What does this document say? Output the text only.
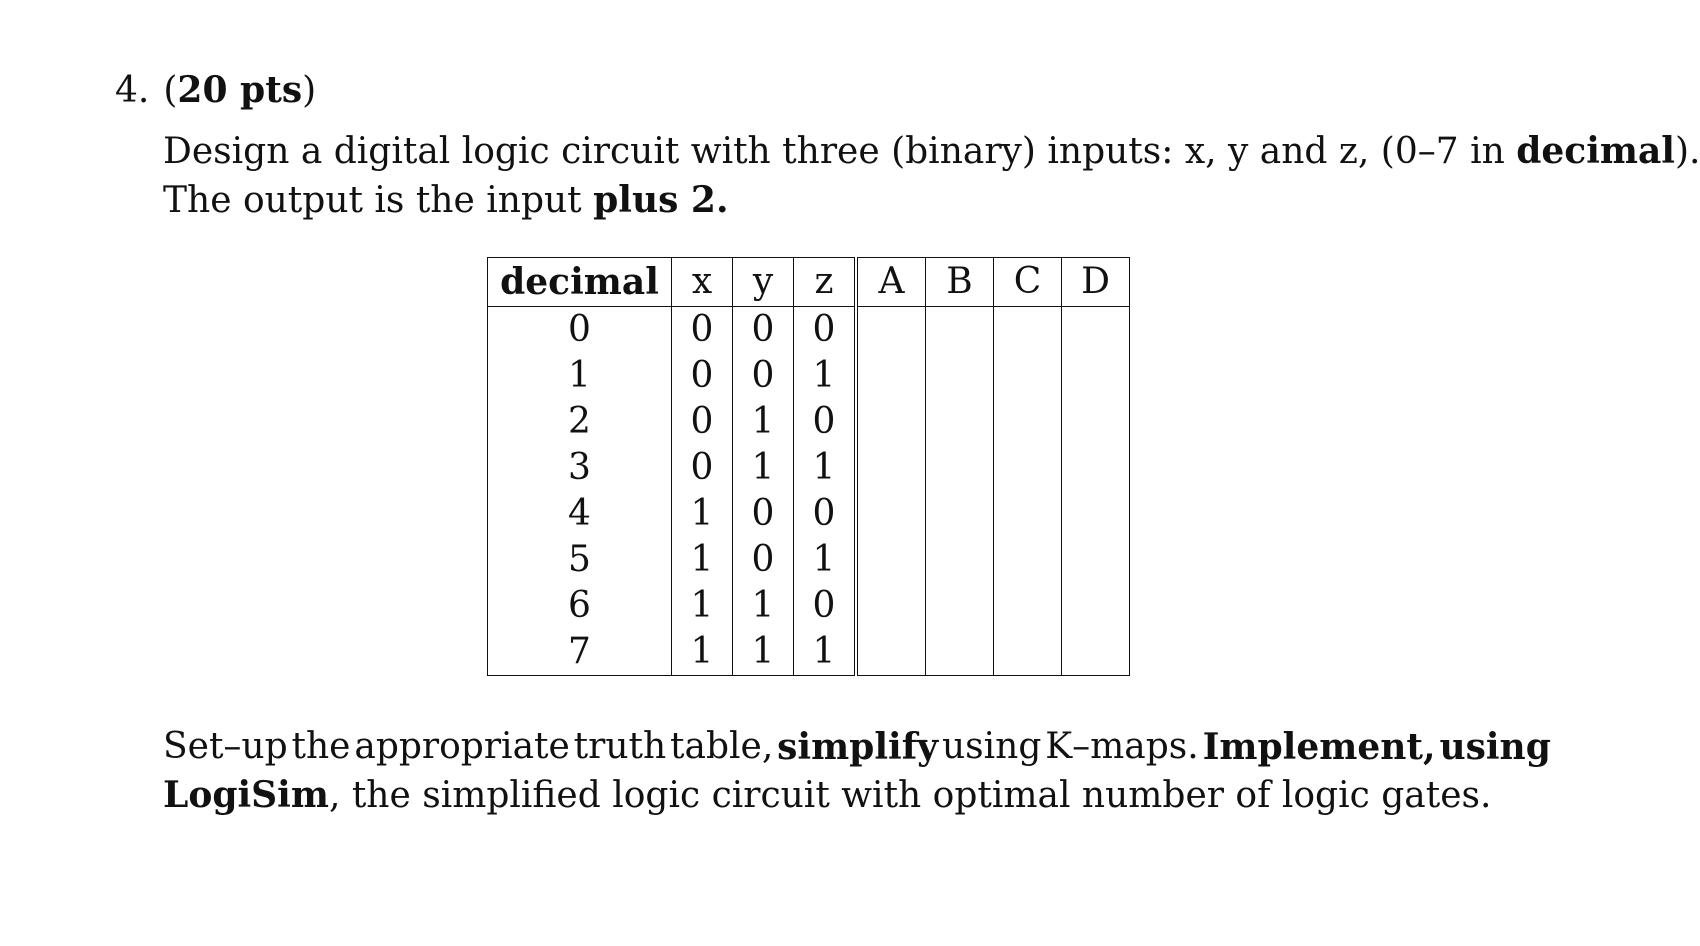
4. (20 pts)
Design a digital logic circuit with three (binary) inputs: x, y and z, (0–7 in decimal).
The output is the input plus 2.
decimal	x	y	z	A	B	C	D
0	0	0	0				
1	0	0	1				
2	0	1	0				
3	0	1	1				
4	1	0	0				
5	1	0	1				
6	1	1	0				
7	1	1	1				
Set–up the appropriate truth table, simplify using K–maps. Implement, using
LogiSim, the simplified logic circuit with optimal number of logic gates.
